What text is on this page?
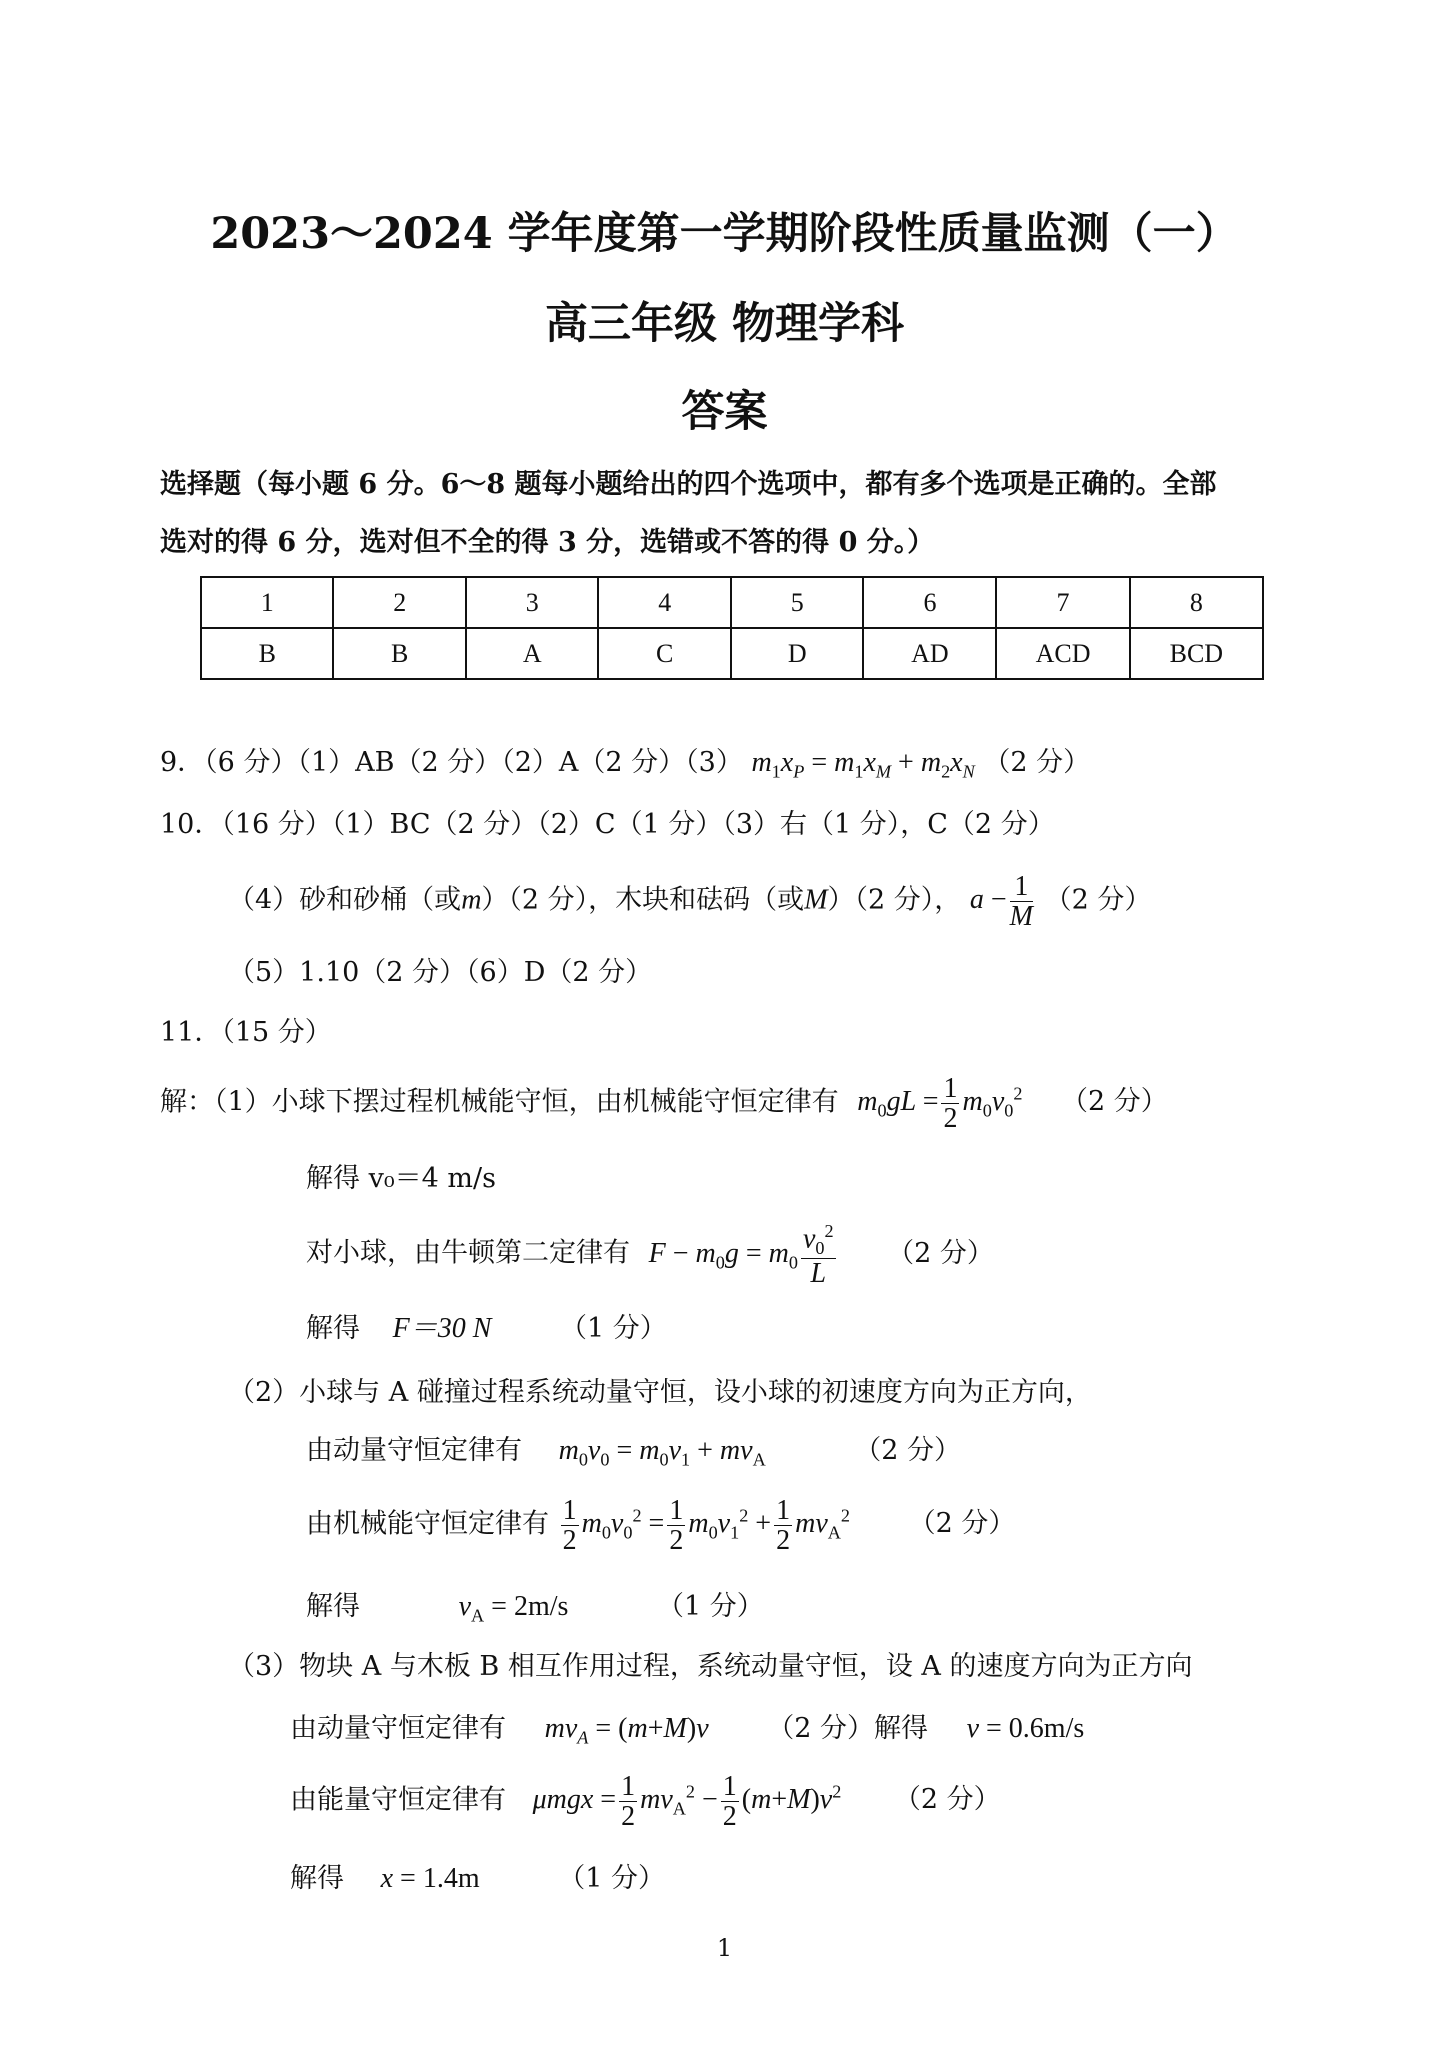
2023～2024 学年度第一学期阶段性质量监测（一）
高三年级 物理学科
答案
选择题（每小题 6 分。6～8 题每小题给出的四个选项中，都有多个选项是正确的。全部
选对的得 6 分，选对但不全的得 3 分，选错或不答的得 0 分。）
1	2	3	4	5	6	7	8
B	B	A	C	D	AD	ACD	BCD
9．（6 分）（1）AB（2 分）（2）A（2 分）（3） $m_1x_P = m_1x_M + m_2x_N$ （2 分）
10．（16 分）（1）BC（2 分）（2）C（1 分）（3）右（1 分），C（2 分）
（4）砂和砂桶（或m）（2 分），木块和砝码（或M）（2 分）， $a - \frac{1}{M} (2$ 分）
（5）1.10（2 分）（6）D（2 分）
11．（15 分）
解：（1）小球下摆过程机械能守恒，由机械能守恒定律有 $m_0gL = \frac{1}{2} m_0v_0^2$ （2 分）
解得 v₀＝4 m/s
对小球，由牛顿第二定律有 $F - m_0g = m_0 \frac{v_0^2}{L} (2$ 分）
解得 F＝30 N	（1 分）
（2）小球与 A 碰撞过程系统动量守恒，设小球的初速度方向为正方向，
由动量守恒定律有 $m_0v_0 = m_0v_1 + mv_A$	（2 分）
由机械能守恒定律有 $\frac{1}{2} m_0v_0^2 = \frac{1}{2} m_0v_1^2 + \frac{1}{2} mv_A^2$ （2 分）
解得	$v_A = 2m/s$	（1 分）
（3）物块 A 与木板 B 相互作用过程，系统动量守恒，设 A 的速度方向为正方向
由动量守恒定律有 $mv_A = (m+M)v$ （2 分）解得 v = 0.6m/s
由能量守恒定律有 $\mu mgx = \frac{1}{2} mv_A^2 - \frac{1}{2} (m+M)v^2$ （2 分）
解得 x = 1.4m	（1 分）
1
